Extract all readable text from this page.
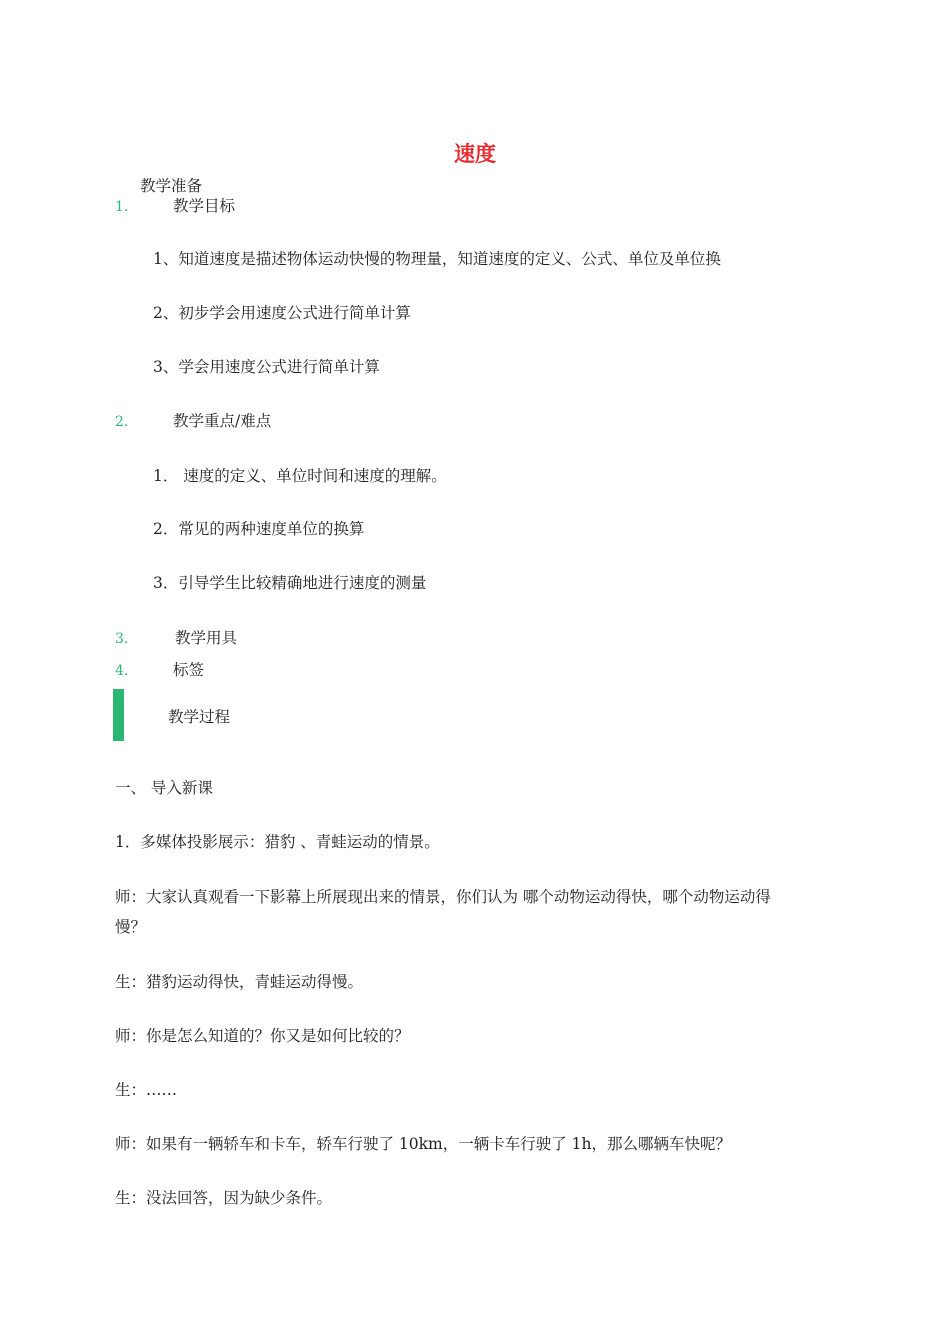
速度
教学准备
1.	教学目标
1、知道速度是描述物体运动快慢的物理量，知道速度的定义、公式、单位及单位换
2、初步学会用速度公式进行简单计算
3、学会用速度公式进行简单计算
2.	教学重点/难点
1． 速度的定义、单位时间和速度的理解。
2．常见的两种速度单位的换算
3．引导学生比较精确地进行速度的测量
3.	教学用具
4.	标签
教学过程
一、 导入新课
1．多媒体投影展示：猎豹 、青蛙运动的情景。
师：大家认真观看一下影幕上所展现出来的情景，你们认为 哪个动物运动得快，哪个动物运动得
慢？
生：猎豹运动得快，青蛙运动得慢。
师：你是怎么知道的？你又是如何比较的？
生：……
师：如果有一辆轿车和卡车，轿车行驶了 10km，一辆卡车行驶了 1h，那么哪辆车快呢？
生：没法回答，因为缺少条件。
